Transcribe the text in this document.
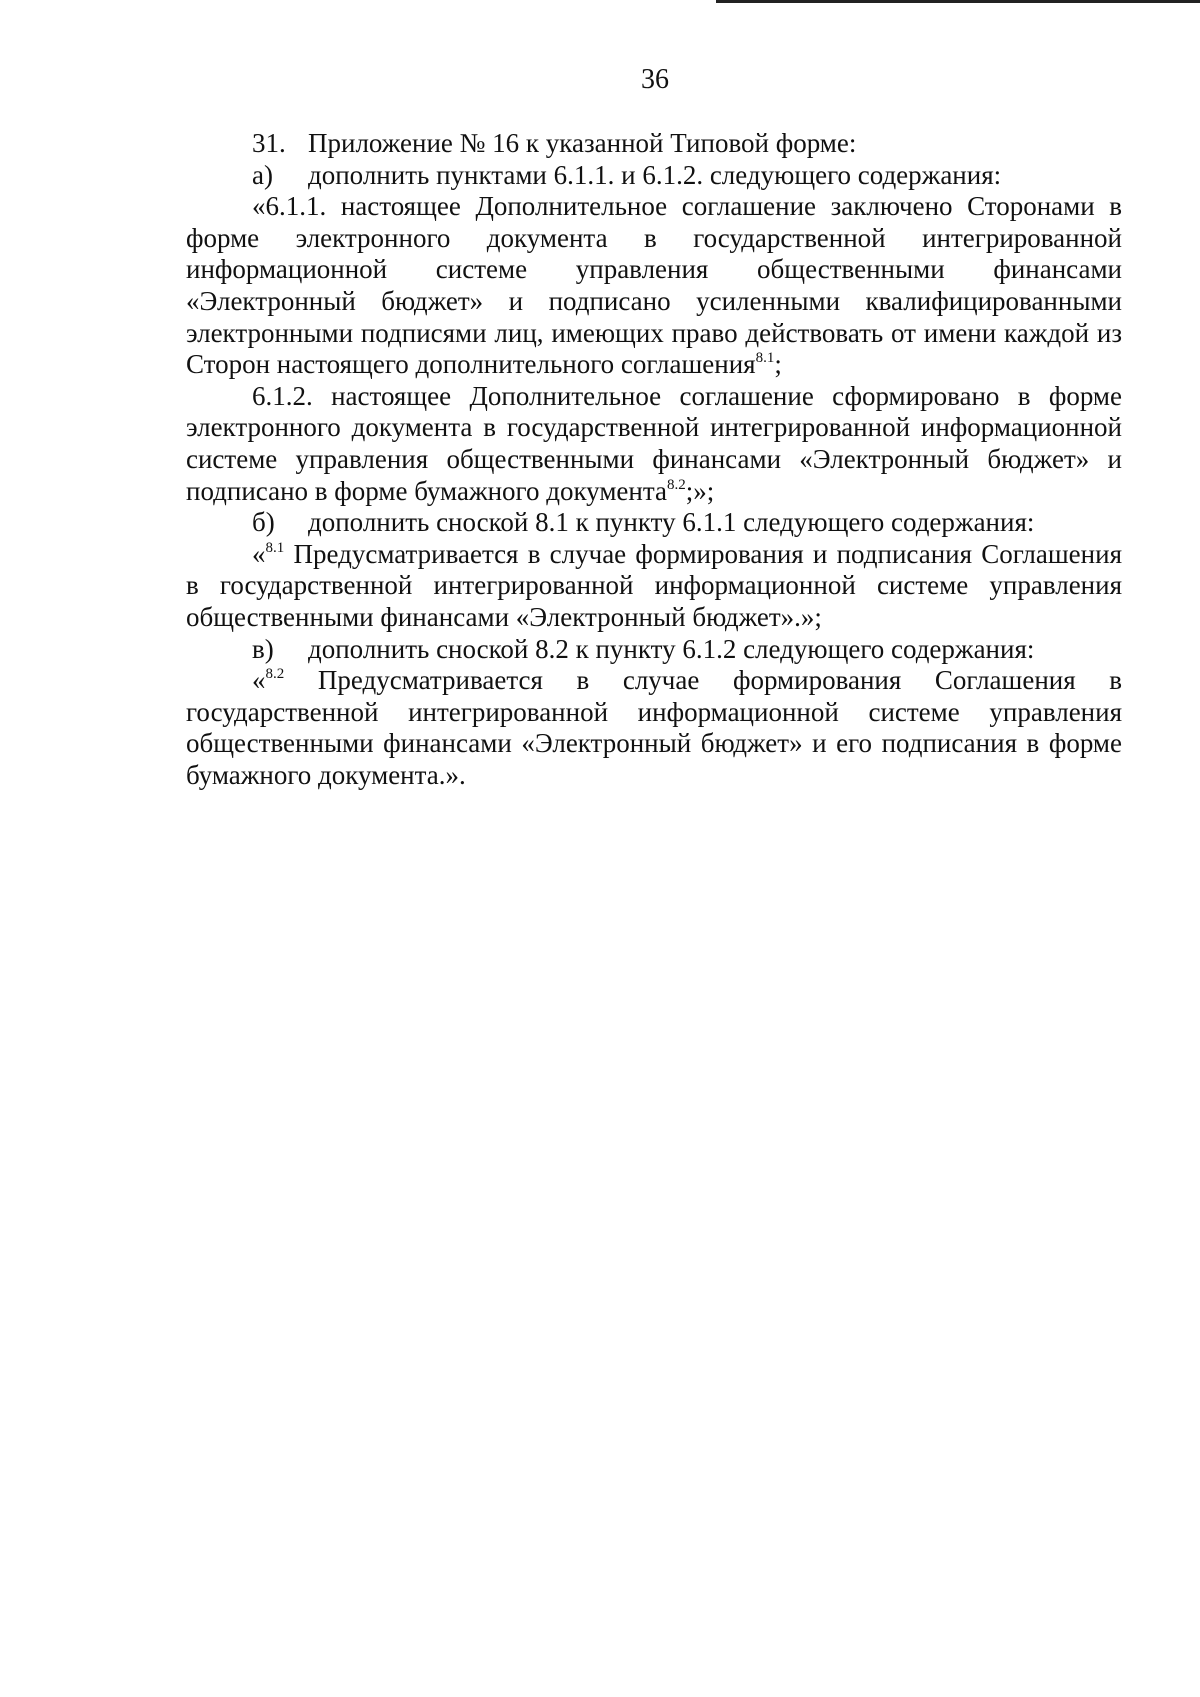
36

31. Приложение № 16 к указанной Типовой форме:

а) дополнить пунктами 6.1.1. и 6.1.2. следующего содержания:

«6.1.1. настоящее Дополнительное соглашение заключено Сторонами в форме электронного документа в государственной интегрированной информационной системе управления общественными финансами «Электронный бюджет» и подписано усиленными квалифицированными электронными подписями лиц, имеющих право действовать от имени каждой из Сторон настоящего дополнительного соглашения$^{8.1}$;

6.1.2. настоящее Дополнительное соглашение сформировано в форме электронного документа в государственной интегрированной информационной системе управления общественными финансами «Электронный бюджет» и подписано в форме бумажного документа$^{8.2}$;»;

б) дополнить сноской 8.1 к пункту 6.1.1 следующего содержания:

«$^{8.1}$ Предусматривается в случае формирования и подписания Соглашения в государственной интегрированной информационной системе управления общественными финансами «Электронный бюджет».»;

в) дополнить сноской 8.2 к пункту 6.1.2 следующего содержания:

«$^{8.2}$ Предусматривается в случае формирования Соглашения в государственной интегрированной информационной системе управления общественными финансами «Электронный бюджет» и его подписания в форме бумажного документа.».
